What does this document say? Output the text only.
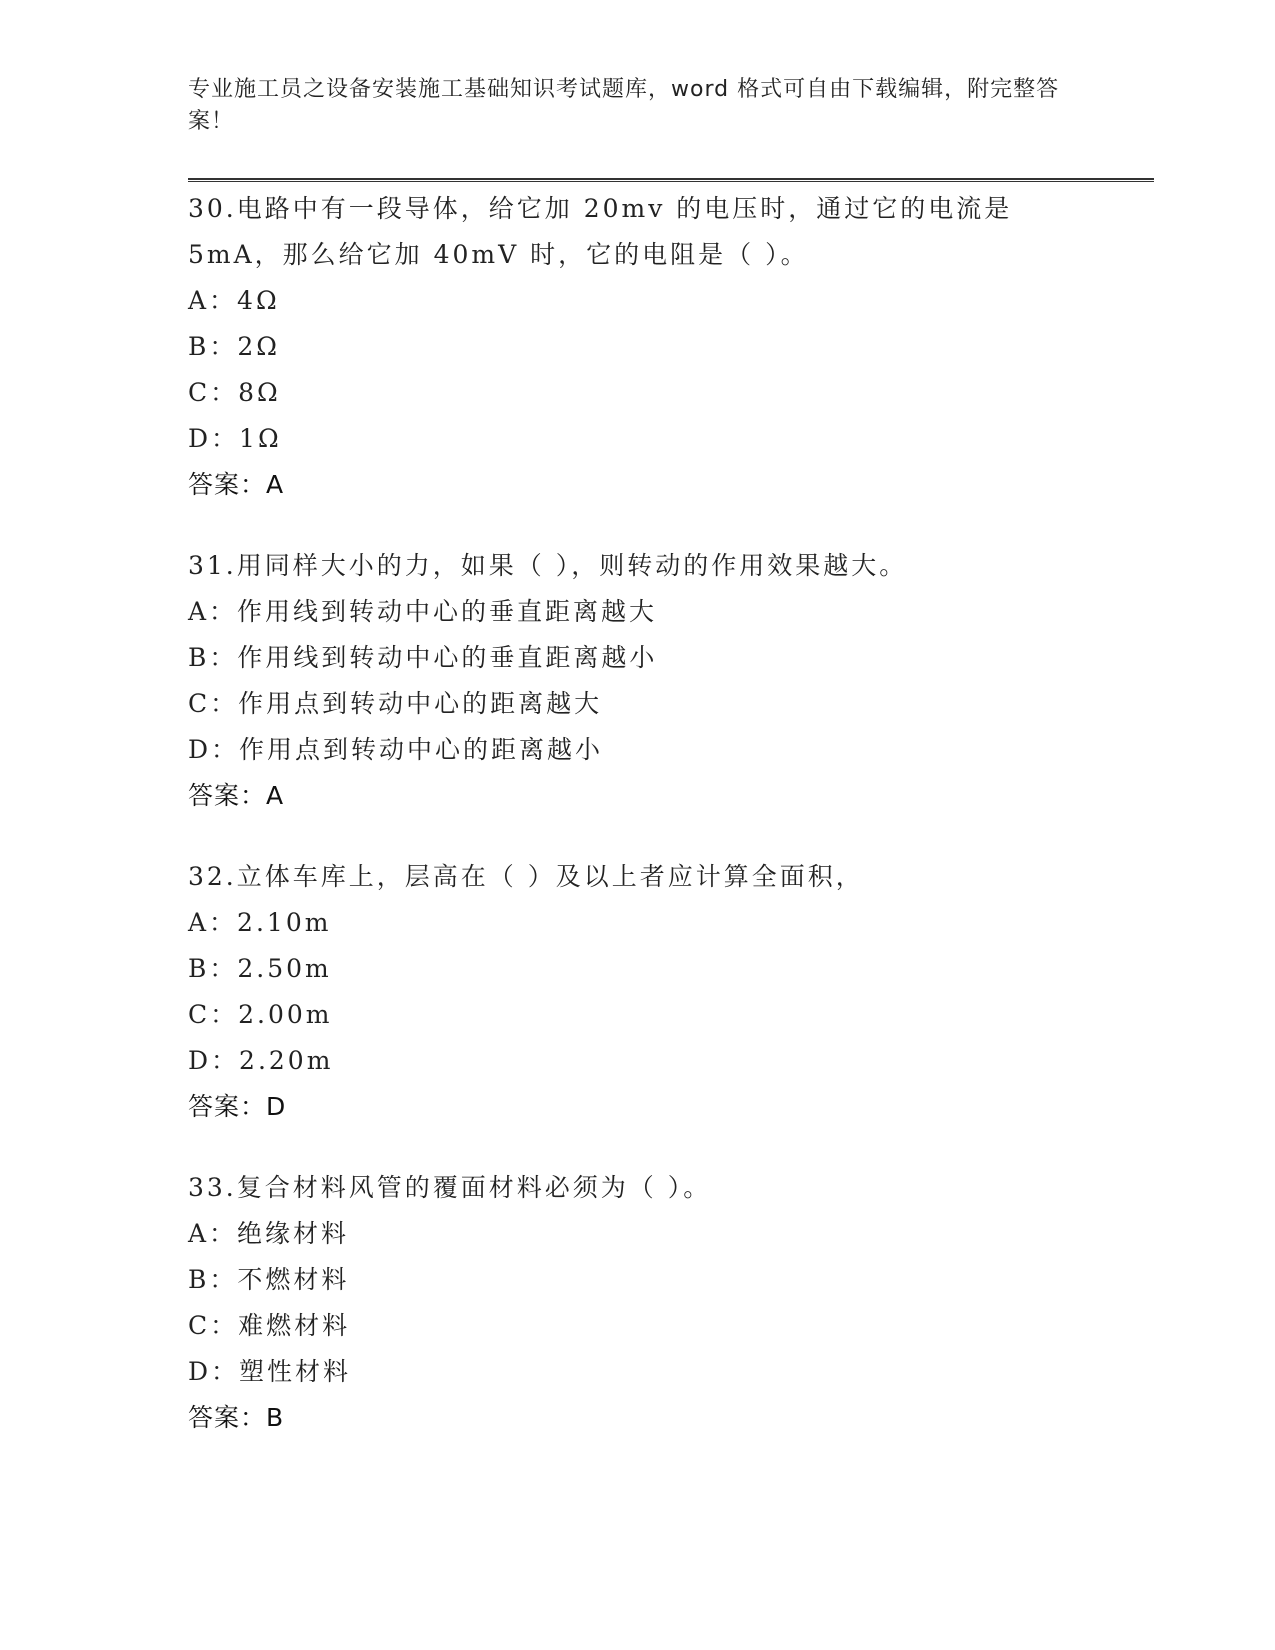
专业施工员之设备安装施工基础知识考试题库，word 格式可自由下载编辑，附完整答案！

30.电路中有一段导体，给它加 20mv 的电压时，通过它的电流是 5mA，那么给它加 40mV 时，它的电阻是（ ）。

A：4Ω

B：2Ω

C：8Ω

D：1Ω

答案：A

31.用同样大小的力，如果（ ），则转动的作用效果越大。

A：作用线到转动中心的垂直距离越大

B：作用线到转动中心的垂直距离越小

C：作用点到转动中心的距离越大

D：作用点到转动中心的距离越小

答案：A

32.立体车库上，层高在（ ）及以上者应计算全面积，

A：2.10m

B：2.50m

C：2.00m

D：2.20m

答案：D

33.复合材料风管的覆面材料必须为（ ）。

A：绝缘材料

B：不燃材料

C：难燃材料

D：塑性材料

答案：B
